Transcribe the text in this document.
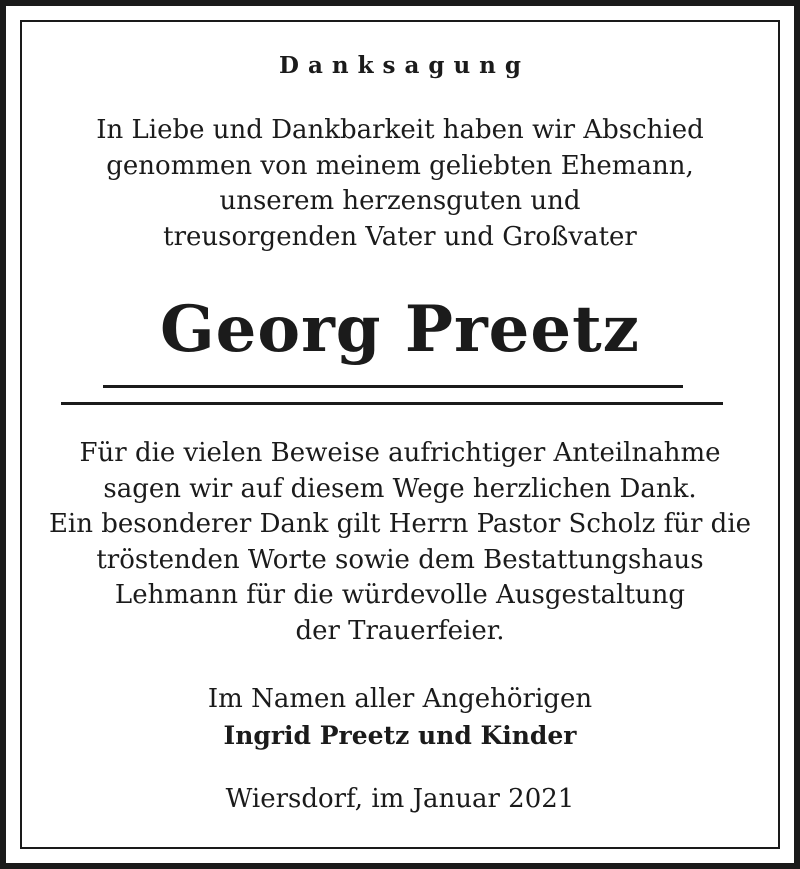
Danksagung
In Liebe und Dankbarkeit haben wir Abschied
genommen von meinem geliebten Ehemann,
unserem herzensguten und
treusorgenden Vater und Großvater
Georg Preetz
Für die vielen Beweise aufrichtiger Anteilnahme
sagen wir auf diesem Wege herzlichen Dank.
Ein besonderer Dank gilt Herrn Pastor Scholz für die
tröstenden Worte sowie dem Bestattungshaus
Lehmann für die würdevolle Ausgestaltung
der Trauerfeier.
Im Namen aller Angehörigen
Ingrid Preetz und Kinder
Wiersdorf, im Januar 2021
